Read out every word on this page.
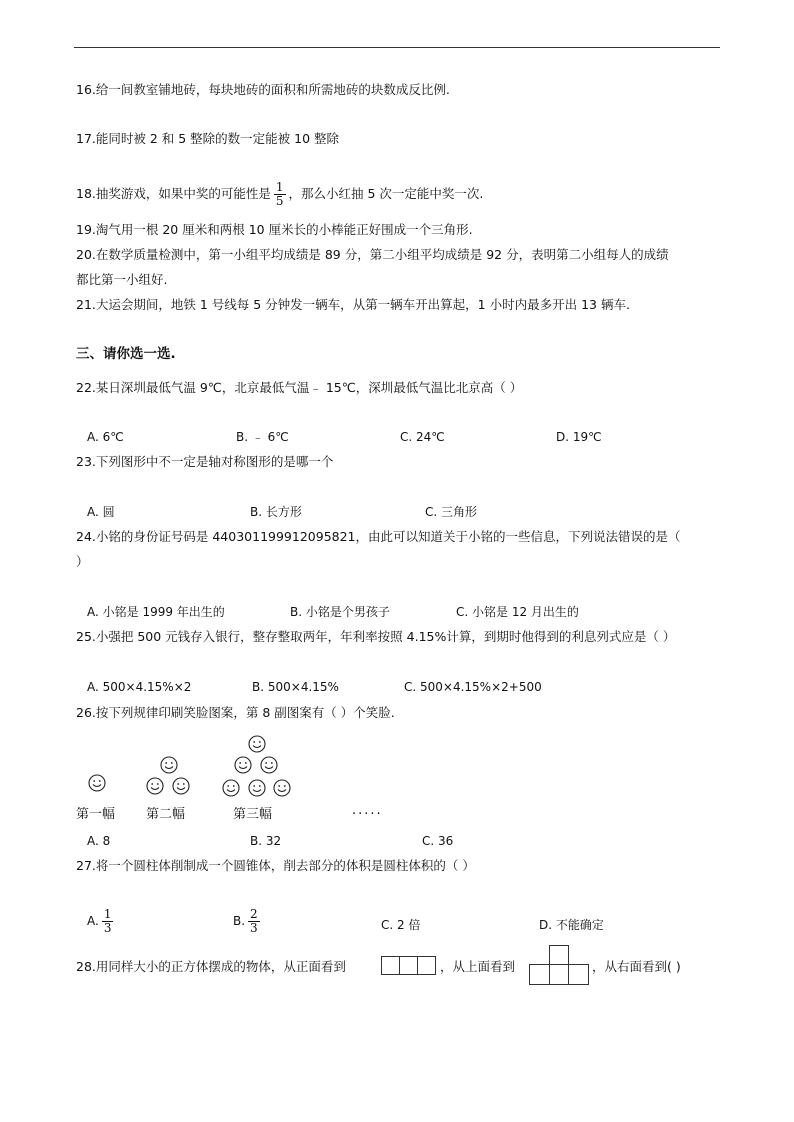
16.给一间教室铺地砖，每块地砖的面积和所需地砖的块数成反比例.
17.能同时被 2 和 5 整除的数一定能被 10 整除
18.抽奖游戏，如果中奖的可能性是 $\frac{1}{5}$ ，那么小红抽 5 次一定能中奖一次.
19.淘气用一根 20 厘米和两根 10 厘米长的小棒能正好围成一个三角形.
20.在数学质量检测中，第一小组平均成绩是 89 分，第二小组平均成绩是 92 分，表明第二小组每人的成绩
都比第一小组好.
21.大运会期间，地铁 1 号线每 5 分钟发一辆车，从第一辆车开出算起，1 小时内最多开出 13 辆车.
三、请你选一选.
22.某日深圳最低气温 9℃，北京最低气温﹣ 15℃，深圳最低气温比北京高（ ）
A. 6℃	B. ﹣ 6℃	C. 24℃	D. 19℃
23.下列图形中不一定是轴对称图形的是哪一个
A. 圆	B. 长方形	C. 三角形
24.小铭的身份证号码是 440301199912095821，由此可以知道关于小铭的一些信息，下列说法错误的是（
）
A. 小铭是 1999 年出生的	B. 小铭是个男孩子	C. 小铭是 12 月出生的
25.小强把 500 元钱存入银行，整存整取两年，年利率按照 4.15%计算，到期时他得到的利息列式应是（ ）
A. 500×4.15%×2	B. 500×4.15%	C. 500×4.15%×2+500
26.按下列规律印刷笑脸图案，第 8 副图案有（ ）个笑脸.
第一幅 第二幅	第三幅	·····
A. 8	B. 32	C. 36
27.将一个圆柱体削制成一个圆锥体，削去部分的体积是圆柱体积的（ ）
A. $\frac{1}{3}$	B. $\frac{2}{3}$	C. 2 倍	D. 不能确定
28.用同样大小的正方体摆成的物体，从正面看到	，从上面看到	，从右面看到( )
